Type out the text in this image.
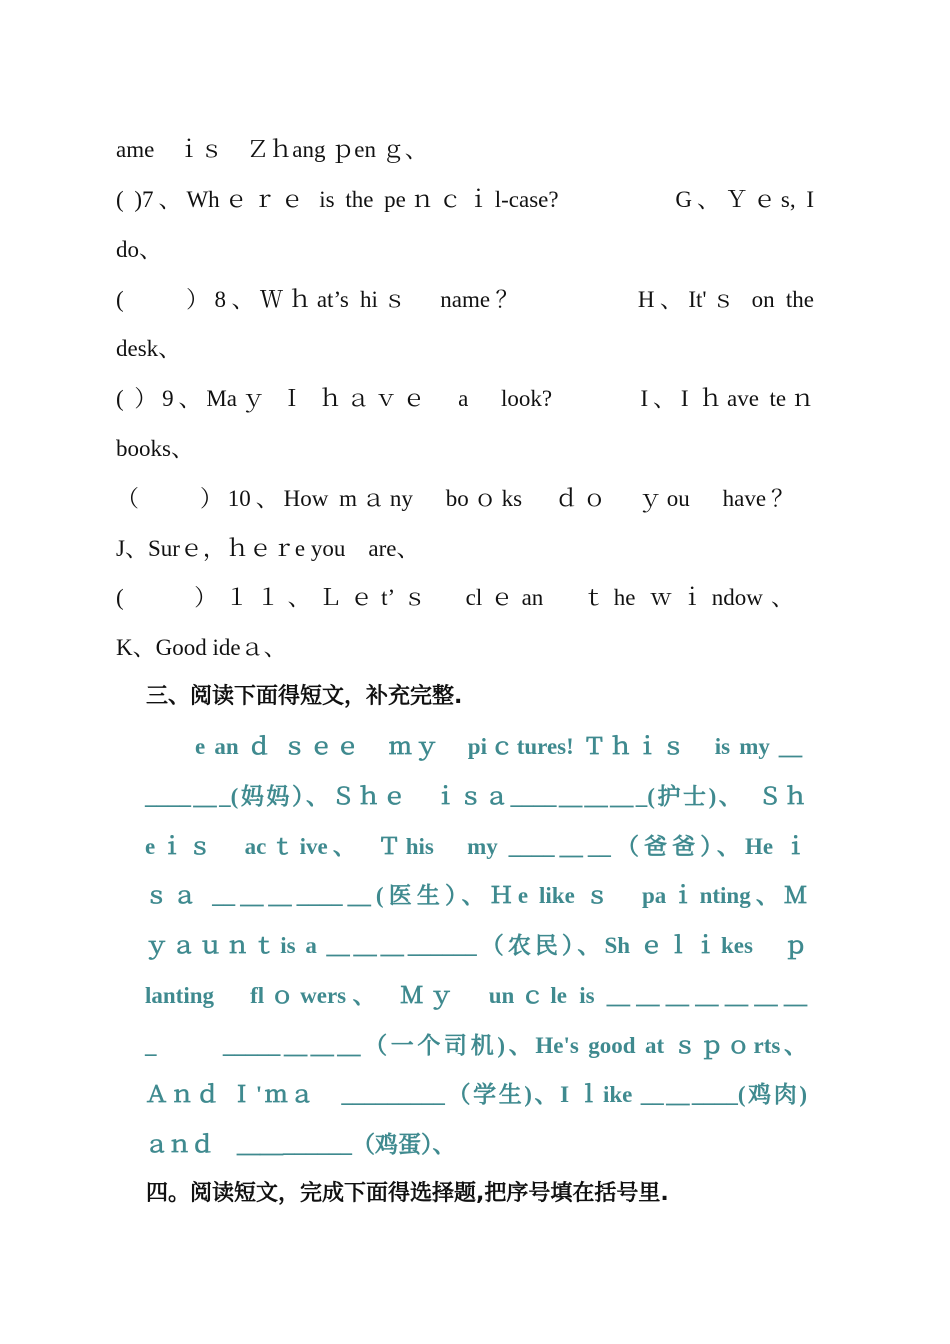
ame　ｉｓ　Ｚｈang ｐen ｇ、
( )7、Whｅｒｅ is the peｎｃｉl-case?　　　　G、Ｙｅs, I
do、
(　　）8、Ｗｈat’s hiｓ　name？　　　　H、It'ｓ on the
desk、
( ）9、Maｙ Ｉ ｈａｖｅ　a　look?　　　I、I ｈave teｎ
books、
（　　）10、How mａny　boｏks　ｄｏ　ｙou　have？
J、Surｅ，ｈｅｒe you　are、
(　　）１１、Ｌｅt’ｓ　clｅan　ｔhe ｗｉndow、
K、Good ideａ、
三、阅读下面得短文，补充完整.
e an ｄ ｓｅｅ　ｍｙ　piｃtures! Ｔｈｉｓ　is my ＿
____＿_(妈妈）、Ｓｈｅ　ｉｓａ____＿＿＿_(护士)、　Ｓｈ
eｉｓ　acｔive、　Ｔhis　my ____＿__（爸爸）、He ｉ
ｓａ __＿＿____＿(医生）、Ｈe like ｓ　paｉnting、Ｍ
ｙａｕｎｔis a ＿＿＿______（农民）、Sh ｅｌｉkes　ｐ
lanting　flｏwers、　Ｍｙ　unｃle is ＿＿＿＿＿＿＿
_　　 _____＿＿＿（一个司机)、He's good at ｓｐｏrts、
Ａｎｄ Ｉ'ｍａ　_________（学生)、I ｌike __＿____(鸡肉)
ａｎｄ　＿＿______（鸡蛋）、
四。阅读短文，完成下面得选择题,把序号填在括号里.
